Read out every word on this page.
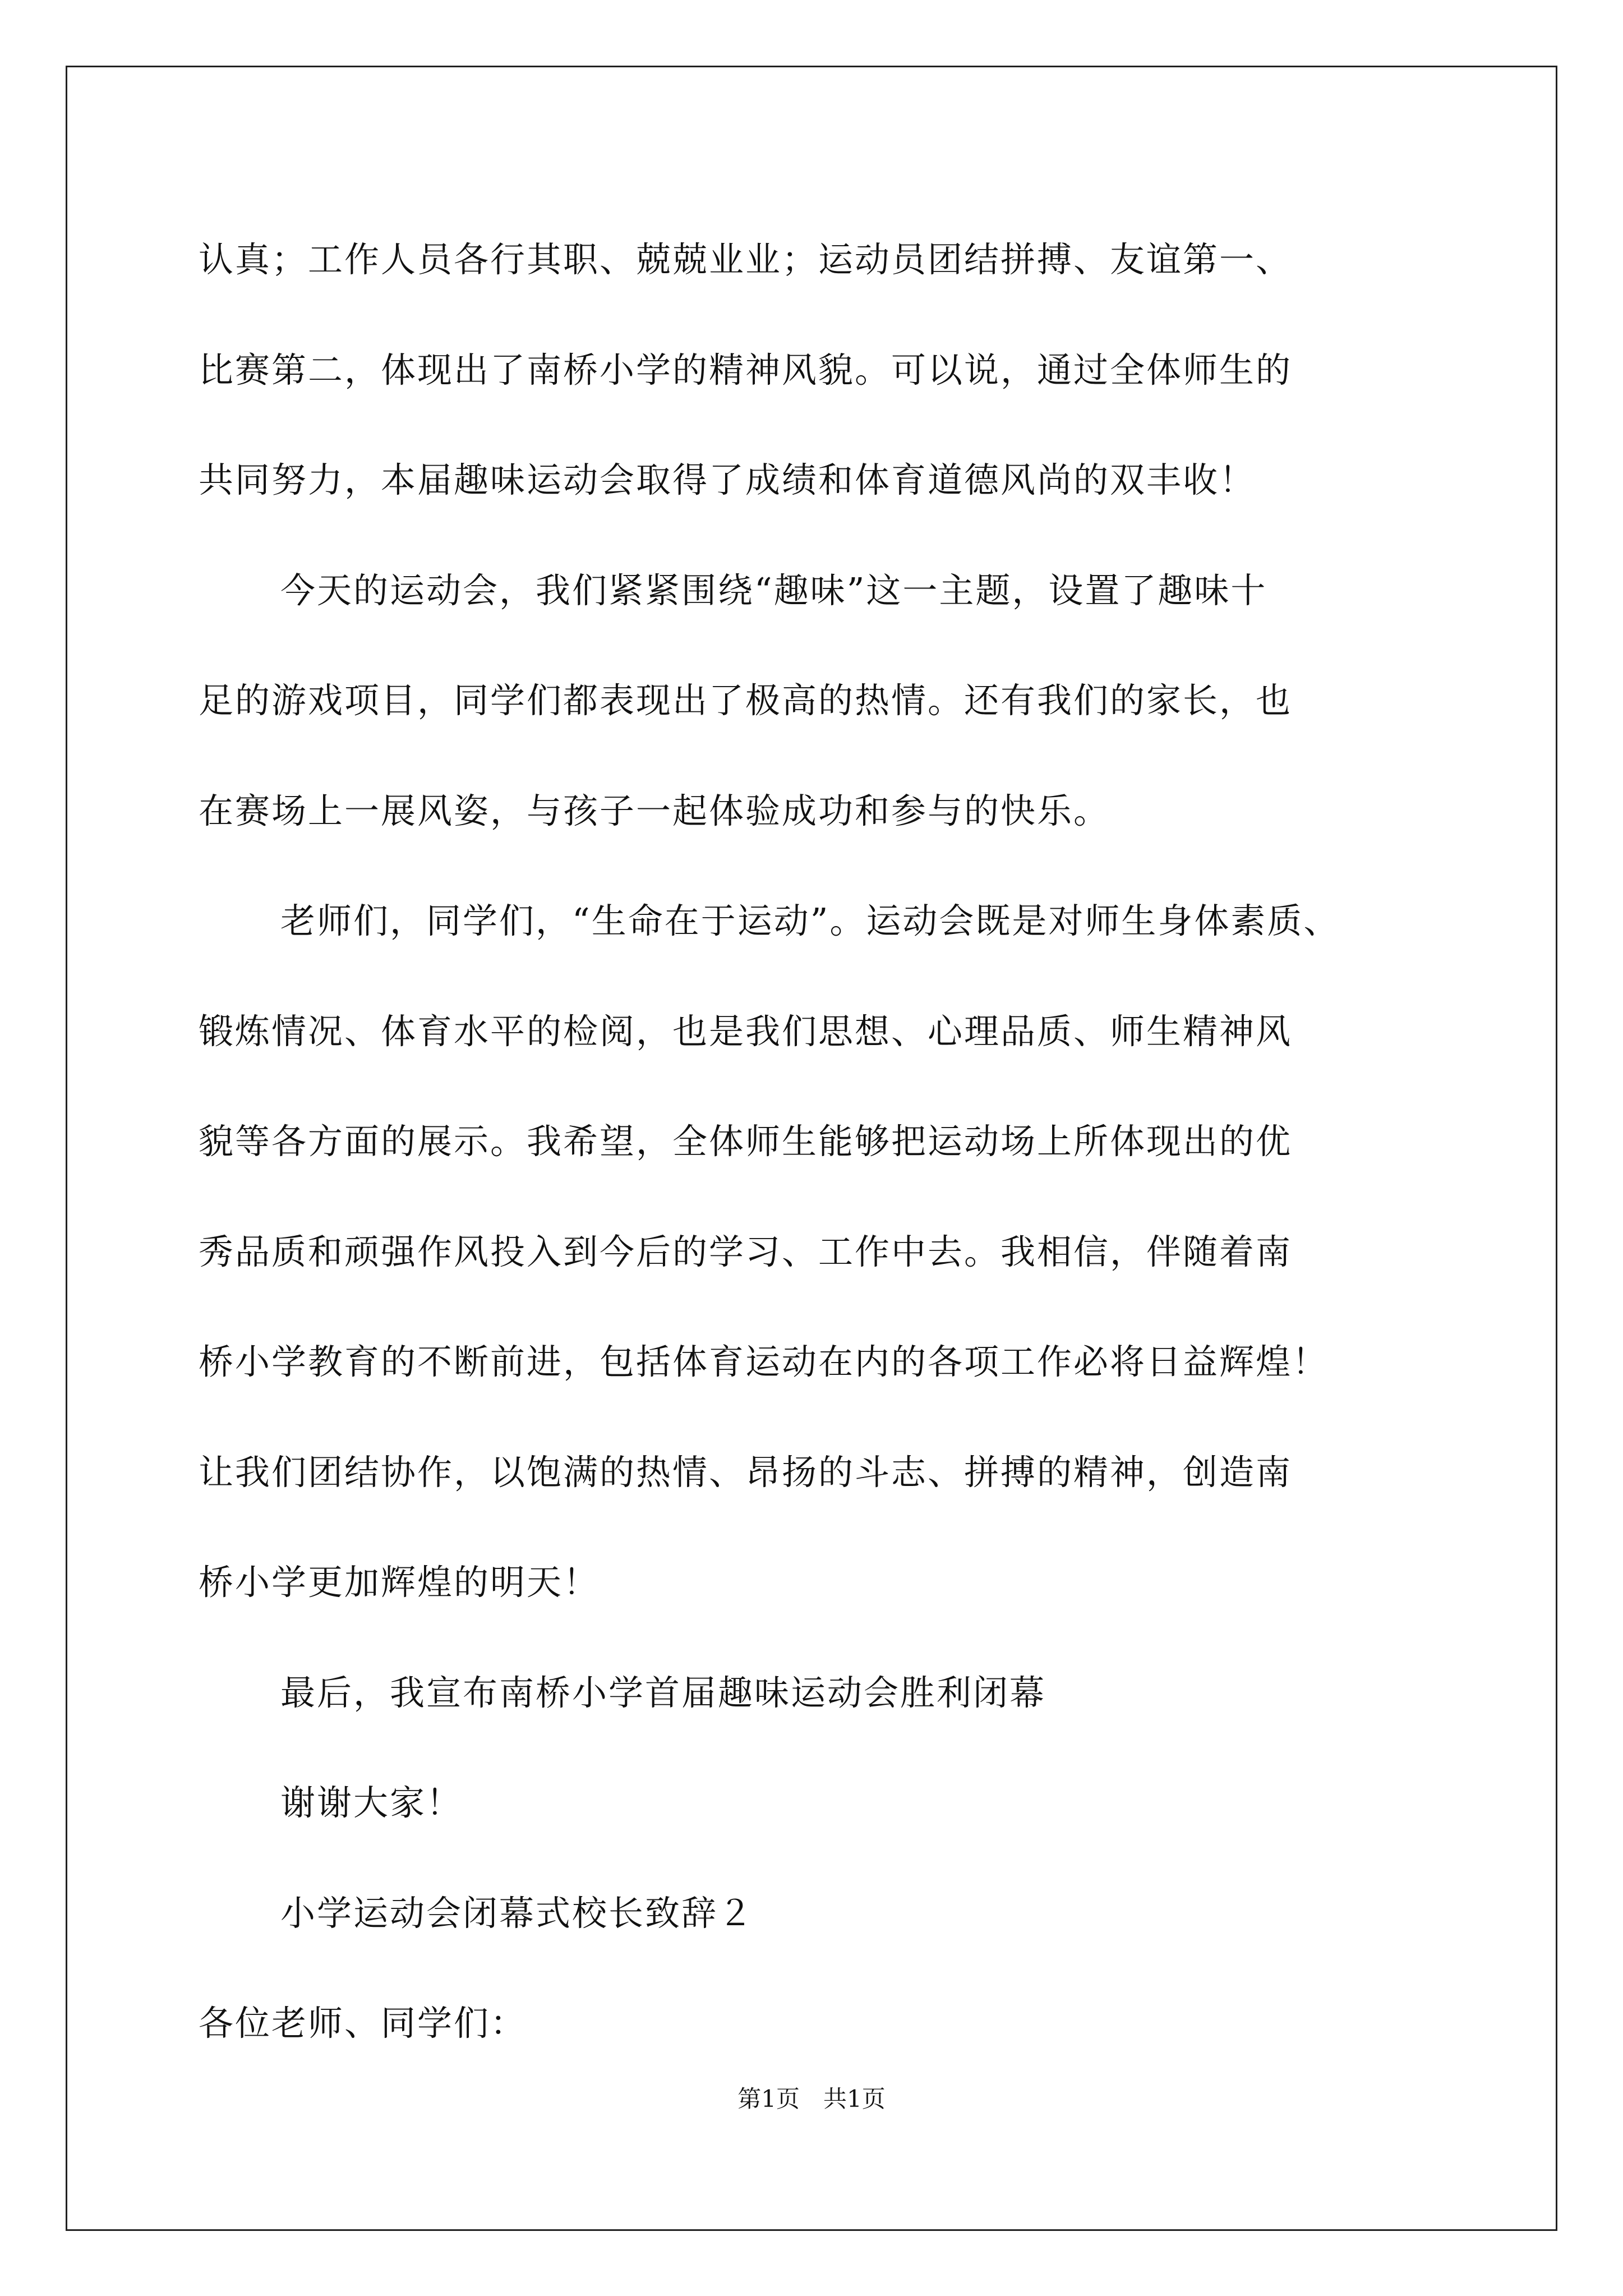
认真；工作人员各行其职、兢兢业业；运动员团结拼搏、友谊第一、
比赛第二，体现出了南桥小学的精神风貌。可以说，通过全体师生的
共同努力，本届趣味运动会取得了成绩和体育道德风尚的双丰收！
今天的运动会，我们紧紧围绕“趣味”这一主题，设置了趣味十
足的游戏项目，同学们都表现出了极高的热情。还有我们的家长，也
在赛场上一展风姿，与孩子一起体验成功和参与的快乐。
老师们，同学们，“生命在于运动”。运动会既是对师生身体素质、
锻炼情况、体育水平的检阅，也是我们思想、心理品质、师生精神风
貌等各方面的展示。我希望，全体师生能够把运动场上所体现出的优
秀品质和顽强作风投入到今后的学习、工作中去。我相信，伴随着南
桥小学教育的不断前进，包括体育运动在内的各项工作必将日益辉煌！
让我们团结协作，以饱满的热情、昂扬的斗志、拼搏的精神，创造南
桥小学更加辉煌的明天！
最后，我宣布南桥小学首届趣味运动会胜利闭幕
谢谢大家！
小学运动会闭幕式校长致辞２
各位老师、同学们：
第1页　共1页
